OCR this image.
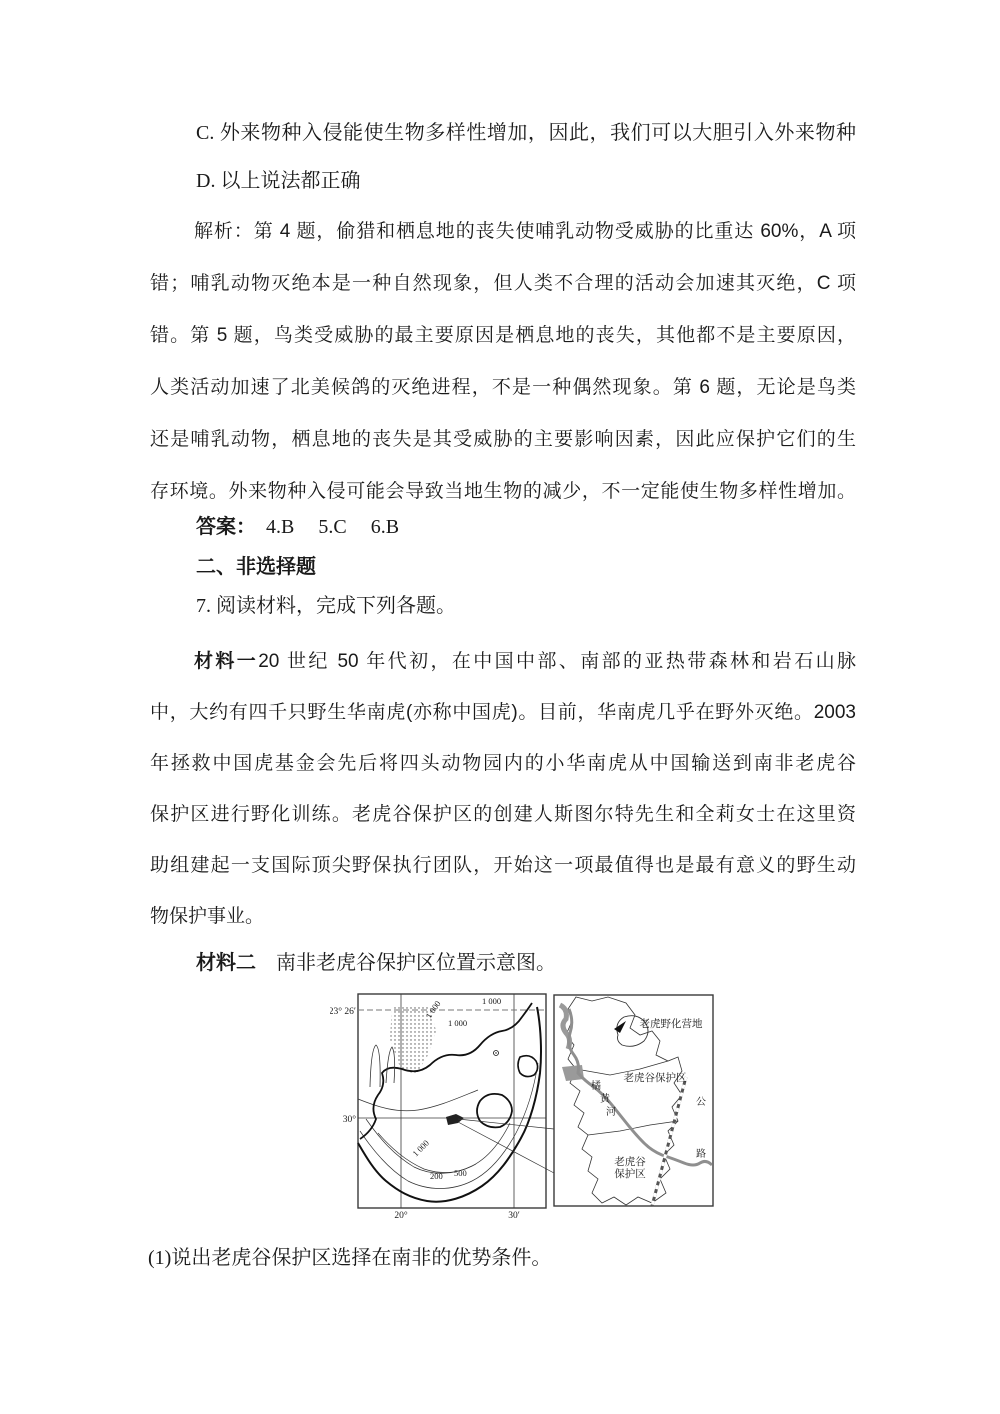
C. 外来物种入侵能使生物多样性增加，因此，我们可以大胆引入外来物种
D. 以上说法都正确
解析：第 4 题，偷猎和栖息地的丧失使哺乳动物受威胁的比重达 60%，A 项
错；哺乳动物灭绝本是一种自然现象，但人类不合理的活动会加速其灭绝，C 项
错。第 5 题，鸟类受威胁的最主要原因是栖息地的丧失，其他都不是主要原因，
人类活动加速了北美候鸽的灭绝进程，不是一种偶然现象。第 6 题，无论是鸟类
还是哺乳动物，栖息地的丧失是其受威胁的主要影响因素，因此应保护它们的生
存环境。外来物种入侵可能会导致当地生物的减少，不一定能使生物多样性增加。
答案： 4.B 5.C 6.B
二、非选择题
7. 阅读材料，完成下列各题。
材料一20 世纪 50 年代初，在中国中部、南部的亚热带森林和岩石山脉
中，大约有四千只野生华南虎(亦称中国虎)。目前，华南虎几乎在野外灭绝。2003
年拯救中国虎基金会先后将四头动物园内的小华南虎从中国输送到南非老虎谷
保护区进行野化训练。老虎谷保护区的创建人斯图尔特先生和全莉女士在这里资
助组建起一支国际顶尖野保执行团队，开始这一项最值得也是最有意义的野生动
物保护事业。
材料二 南非老虎谷保护区位置示意图。
23° 26′
30°
20°	30′
1 000
1 000
1 000
1 000
200 500
老虎野化营地
老虎谷保护区
橘
黄
河
公
路
老虎谷
保护区
(1)说出老虎谷保护区选择在南非的优势条件。
